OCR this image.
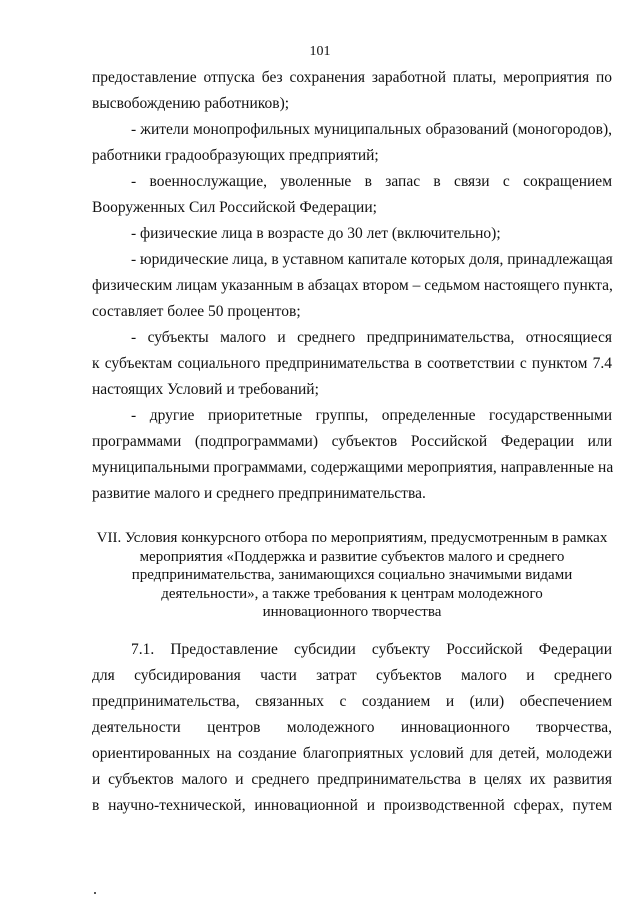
101
предоставление отпуска без сохранения заработной платы, мероприятия по
высвобождению работников);
- жители монопрофильных муниципальных образований (моногородов),
работники градообразующих предприятий;
- военнослужащие, уволенные в запас в связи с сокращением
Вооруженных Сил Российской Федерации;
- физические лица в возрасте до 30 лет (включительно);
- юридические лица, в уставном капитале которых доля, принадлежащая
физическим лицам указанным в абзацах втором – седьмом настоящего пункта,
составляет более 50 процентов;
- субъекты малого и среднего предпринимательства, относящиеся
к субъектам социального предпринимательства в соответствии с пунктом 7.4
настоящих Условий и требований;
- другие приоритетные группы, определенные государственными
программами (подпрограммами) субъектов Российской Федерации или
муниципальными программами, содержащими мероприятия, направленные на
развитие малого и среднего предпринимательства.
VII. Условия конкурсного отбора по мероприятиям, предусмотренным в рамках
мероприятия «Поддержка и развитие субъектов малого и среднего
предпринимательства, занимающихся социально значимыми видами
деятельности», а также требования к центрам молодежного
инновационного творчества
7.1. Предоставление субсидии субъекту Российской Федерации
для субсидирования части затрат субъектов малого и среднего
предпринимательства, связанных с созданием и (или) обеспечением
деятельности центров молодежного инновационного творчества,
ориентированных на создание благоприятных условий для детей, молодежи
и субъектов малого и среднего предпринимательства в целях их развития
в научно-технической, инновационной и производственной сферах, путем
